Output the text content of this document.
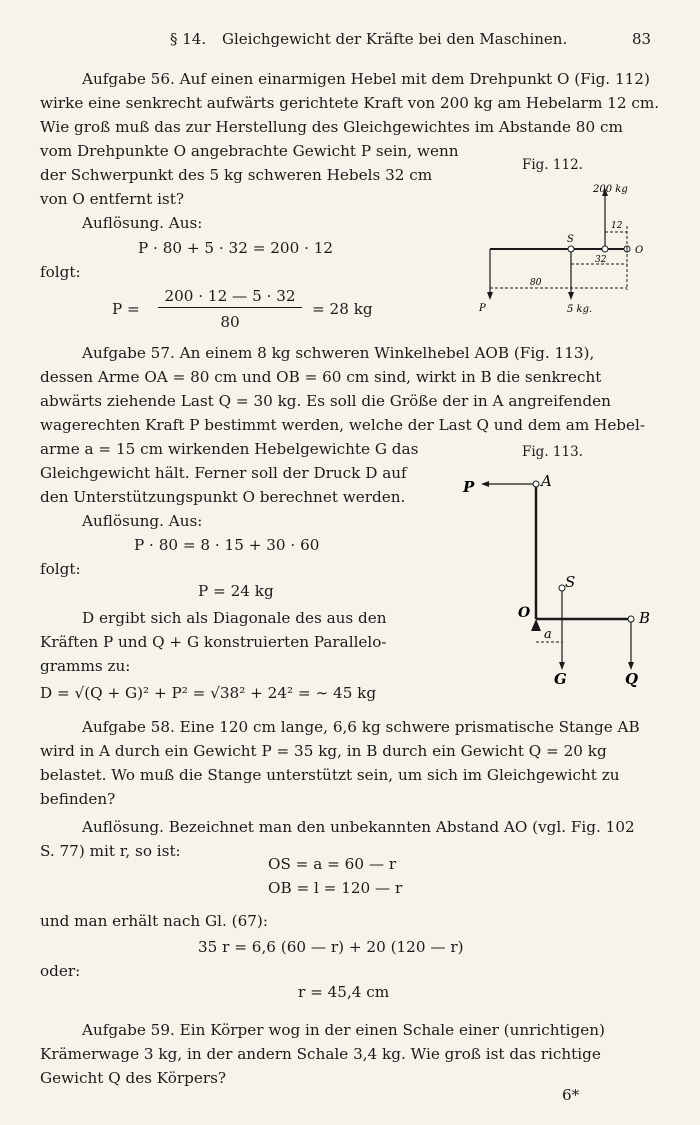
§ 14. Gleichgewicht der Kräfte bei den Maschinen.	83
Aufgabe 56. Auf einen einarmigen Hebel mit dem Drehpunkt O (Fig. 112)
wirke eine senkrecht aufwärts gerichtete Kraft von 200 kg am Hebelarm 12 cm.
Wie groß muß das zur Herstellung des Gleichgewichtes im Abstande 80 cm
vom Drehpunkte O angebrachte Gewicht P sein, wenn
der Schwerpunkt des 5 kg schweren Hebels 32 cm
von O entfernt ist?
Auflösung. Aus:
P · 80 + 5 · 32 = 200 · 12
folgt:
P =
200 · 12 — 5 · 32
80
= 28 kg
Fig. 112.
200 kg
12
32
80
S
O
P	5 kg.
Aufgabe 57. An einem 8 kg schweren Winkelhebel AOB (Fig. 113),
dessen Arme OA = 80 cm und OB = 60 cm sind, wirkt in B die senkrecht
abwärts ziehende Last Q = 30 kg. Es soll die Größe der in A angreifenden
wagerechten Kraft P bestimmt werden, welche der Last Q und dem am Hebel-
arme a = 15 cm wirkenden Hebelgewichte G das
Gleichgewicht hält. Ferner soll der Druck D auf
den Unterstützungspunkt O berechnet werden.
Auflösung. Aus:
P · 80 = 8 · 15 + 30 · 60
folgt:
P = 24 kg
D ergibt sich als Diagonale des aus den
Kräften P und Q + G konstruierten Parallelo-
gramms zu:
D = √(Q + G)² + P² = √38² + 24² = ∼ 45 kg
Fig. 113.
P	A
S
O	B
a
G	Q
Aufgabe 58. Eine 120 cm lange, 6,6 kg schwere prismatische Stange AB
wird in A durch ein Gewicht P = 35 kg, in B durch ein Gewicht Q = 20 kg
belastet. Wo muß die Stange unterstützt sein, um sich im Gleichgewicht zu
befinden?
Auflösung. Bezeichnet man den unbekannten Abstand AO (vgl. Fig. 102
S. 77) mit r, so ist:
OS = a = 60 — r
OB = l = 120 — r
und man erhält nach Gl. (67):
35 r = 6,6 (60 — r) + 20 (120 — r)
oder:
r = 45,4 cm
Aufgabe 59. Ein Körper wog in der einen Schale einer (unrichtigen)
Krämerwage 3 kg, in der andern Schale 3,4 kg. Wie groß ist das richtige
Gewicht Q des Körpers?
6*
